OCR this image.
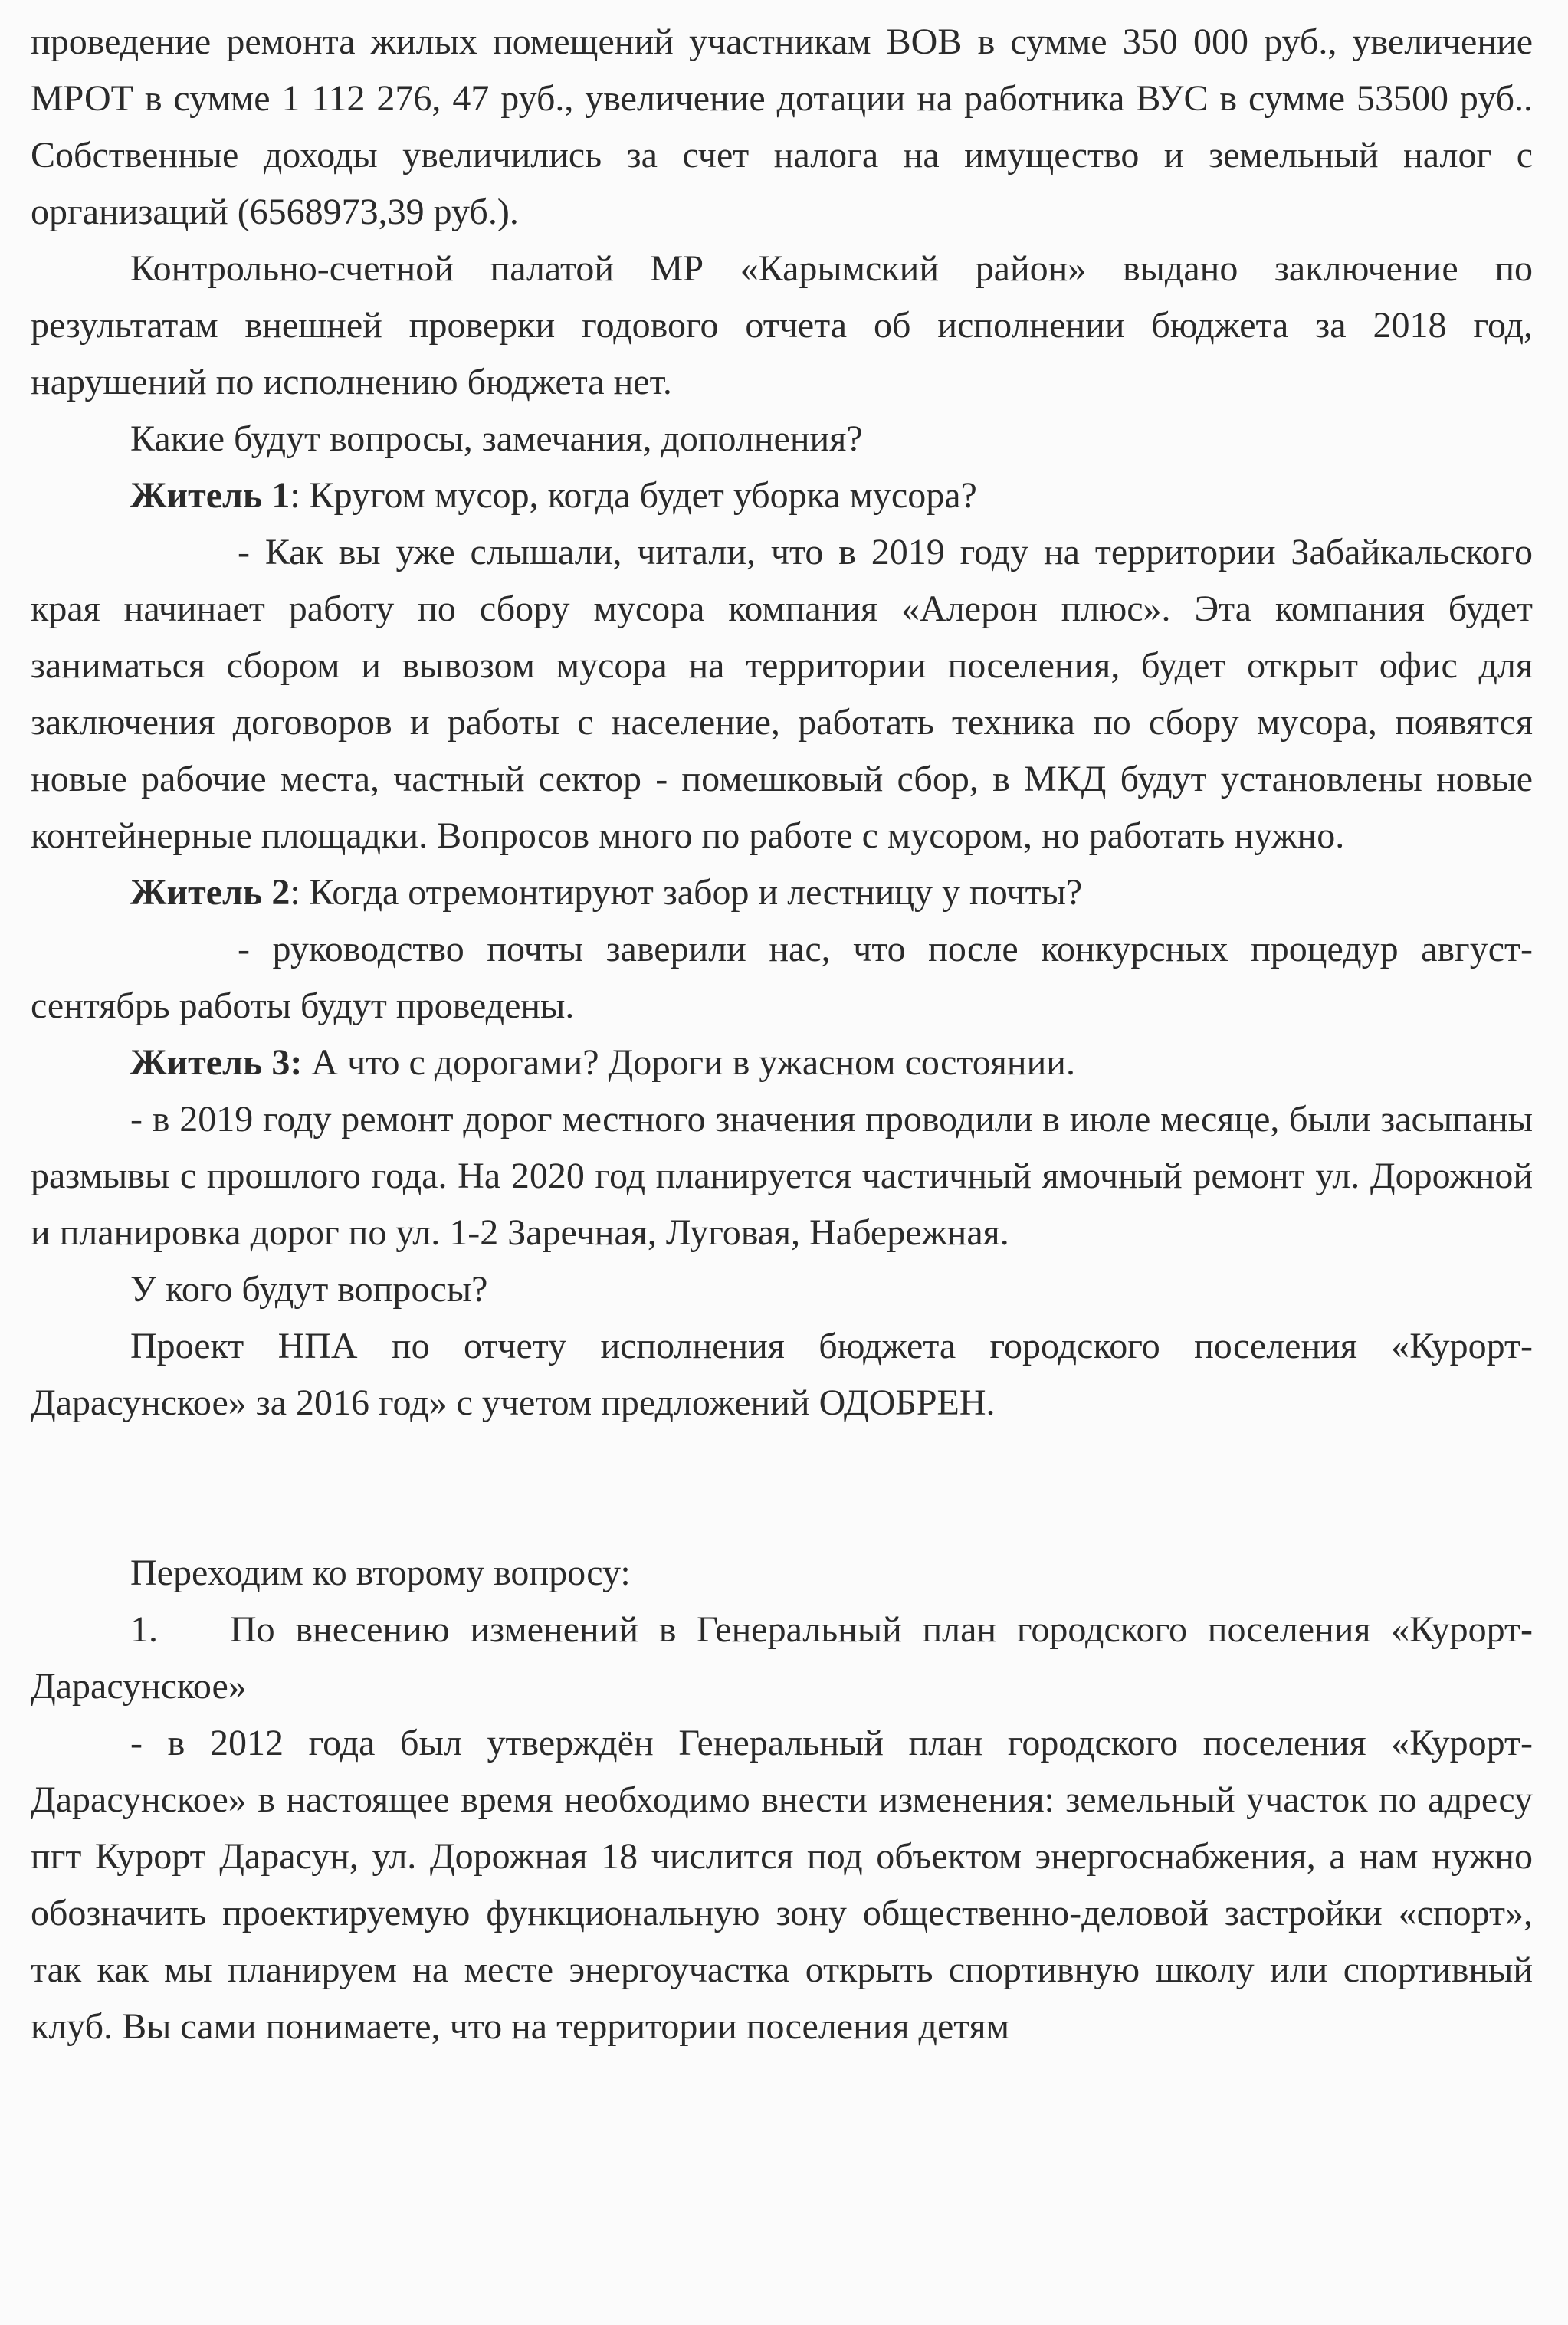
проведение ремонта жилых помещений участникам ВОВ в сумме 350 000 руб., увеличение МРОТ в сумме 1 112 276, 47 руб., увеличение дотации на работника ВУС в сумме 53500 руб.. Собственные доходы увеличились за счет налога на имущество и земельный налог с организаций (6568973,39 руб.).

Контрольно-счетной палатой МР «Карымский район» выдано заключение по результатам внешней проверки годового отчета об исполнении бюджета за 2018 год, нарушений по исполнению бюджета нет.

Какие будут вопросы, замечания, дополнения?

Житель 1: Кругом мусор, когда будет уборка мусора?

- Как вы уже слышали, читали, что в 2019 году на территории Забайкальского края начинает работу по сбору мусора компания «Алерон плюс». Эта компания будет заниматься сбором и вывозом мусора на территории поселения, будет открыт офис для заключения договоров и работы с население, работать техника по сбору мусора, появятся новые рабочие места, частный сектор - помешковый сбор, в МКД будут установлены новые контейнерные площадки. Вопросов много по работе с мусором, но работать нужно.

Житель 2: Когда отремонтируют забор и лестницу у почты?

- руководство почты заверили нас, что после конкурсных процедур август-сентябрь работы будут проведены.

Житель 3: А что с дорогами? Дороги в ужасном состоянии.

- в 2019 году ремонт дорог местного значения проводили в июле месяце, были засыпаны размывы с прошлого года. На 2020 год планируется частичный ямочный ремонт ул. Дорожной и планировка дорог по ул. 1-2 Заречная, Луговая, Набережная.

У кого будут вопросы?

Проект НПА по отчету исполнения бюджета городского поселения «Курорт-Дарасунское» за 2016 год» с учетом предложений ОДОБРЕН.

Переходим ко второму вопросу:

1. По внесению изменений в Генеральный план городского поселения «Курорт-Дарасунское»

- в 2012 года был утверждён Генеральный план городского поселения «Курорт-Дарасунское» в настоящее время необходимо внести изменения: земельный участок по адресу пгт Курорт Дарасун, ул. Дорожная 18 числится под объектом энергоснабжения, а нам нужно обозначить проектируемую функциональную зону общественно-деловой застройки «спорт», так как мы планируем на месте энергоучастка открыть спортивную школу или спортивный клуб. Вы сами понимаете, что на территории поселения детям
